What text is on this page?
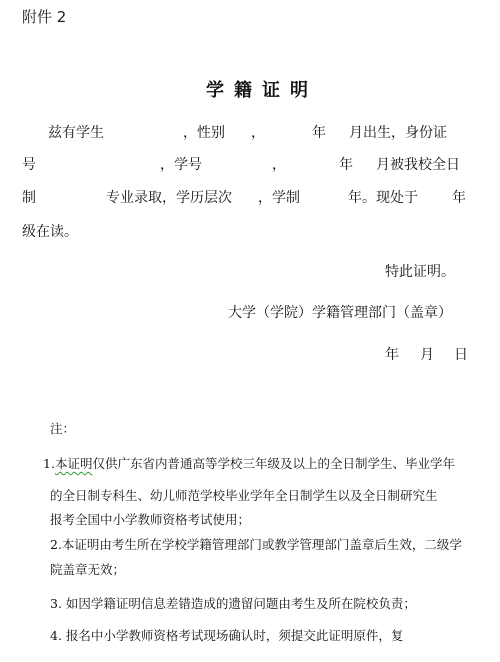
附件 2
学籍证明
兹有学生	，性别 ，	年 月出生，身份证
号	，学号	，	年 月被我校全日
制	专业录取，学历层次 ，学制	年。现处于 年
级在读。
特此证明。
大学（学院）学籍管理部门（盖章）
年 月 日
注：
1.本证明仅供广东省内普通高等学校三年级及以上的全日制学生、毕业学年
的全日制专科生、幼儿师范学校毕业学年全日制学生以及全日制研究生
报考全国中小学教师资格考试使用；
2.本证明由考生所在学校学籍管理部门或教学管理部门盖章后生效，二级学
院盖章无效；
3. 如因学籍证明信息差错造成的遗留问题由考生及所在院校负责；
4. 报名中小学教师资格考试现场确认时，须提交此证明原件，复
